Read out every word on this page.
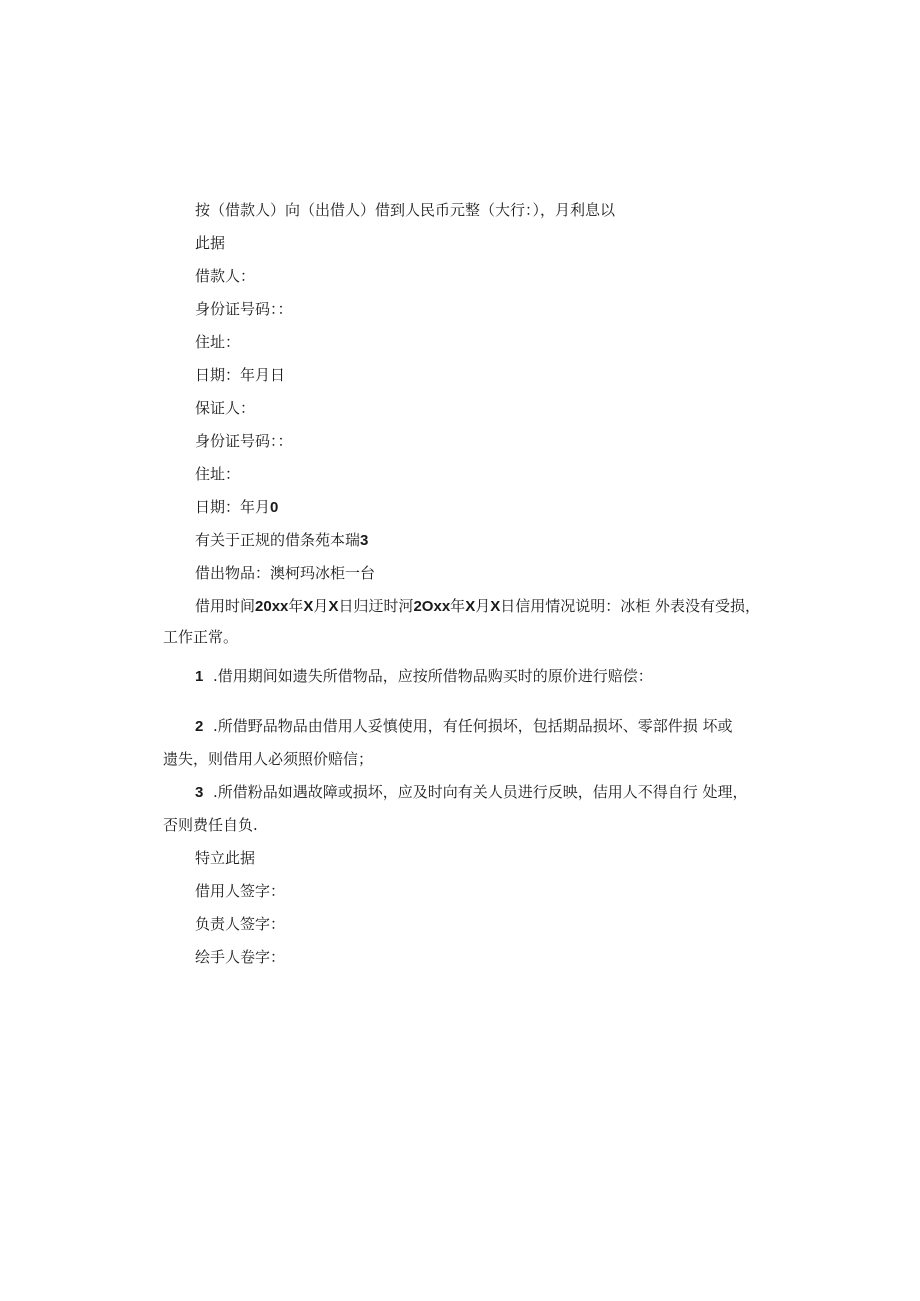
按（借款人）向（出借人）借到人民币元整（大行：），月利息以
此据
借款人：
身份证号码：：
住址：
日期：年月日
保证人：
身份证号码：：
住址：
日期：年月0
有关于正规的借条苑本瑞3
借出物品：澳柯玛冰柜一台
借用时间20xx年X月X日归迂时河2Oxx年X月X日信用情况说明：冰柜 外表没有受损，
工作正常。
1 .借用期间如遗失所借物品，应按所借物品购买时的原价进行赔偿：
2 .所借野品物品由借用人妥慎使用，有任何损坏，包括期品损坏、零部件损 坏或
遗失，则借用人必须照价赔信；
3 .所借粉品如遇故障或损坏，应及时向有关人员进行反映，佶用人不得自行 处理，
否则费任自负.
特立此据
借用人签字：
负责人签字：
绘手人卷字：
